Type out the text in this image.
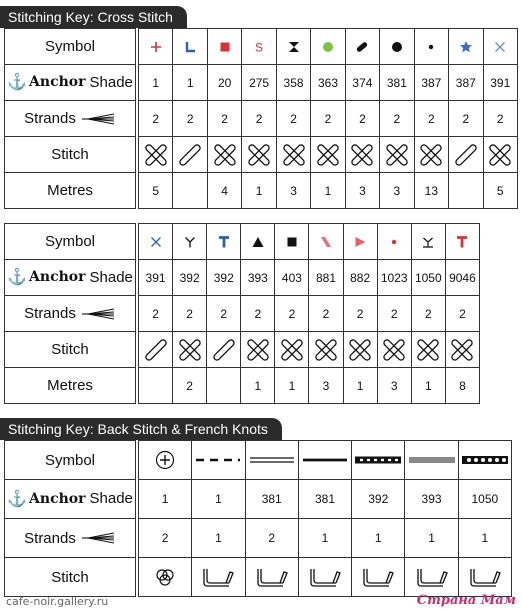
Stitching Key: Cross Stitch
Symbol					S

⚓ Anchor Shade		1	1	20	275	358	363	374	381	387	387	391

Strands		2	2	2	2	2	2	2	2	2	2	2
Stitch		

Metres		5		4	1	3	1	3	3	13		5
Symbol		

⚓ Anchor Shade		391	392	392	393	403	881	882	1023	1050	9046

Strands		2	2	2	2	2	2	2	2	2	2
Stitch		

Metres			2		1	1	3	1	3	1	8
Stitching Key: Back Stitch & French Knots
Symbol		

⚓ Anchor Shade		1	1	381	381	392	393	1050

Strands		2	1	2	1	1	1	1
Stitch		

cafe-noir.gallery.ru	Страна Мам
